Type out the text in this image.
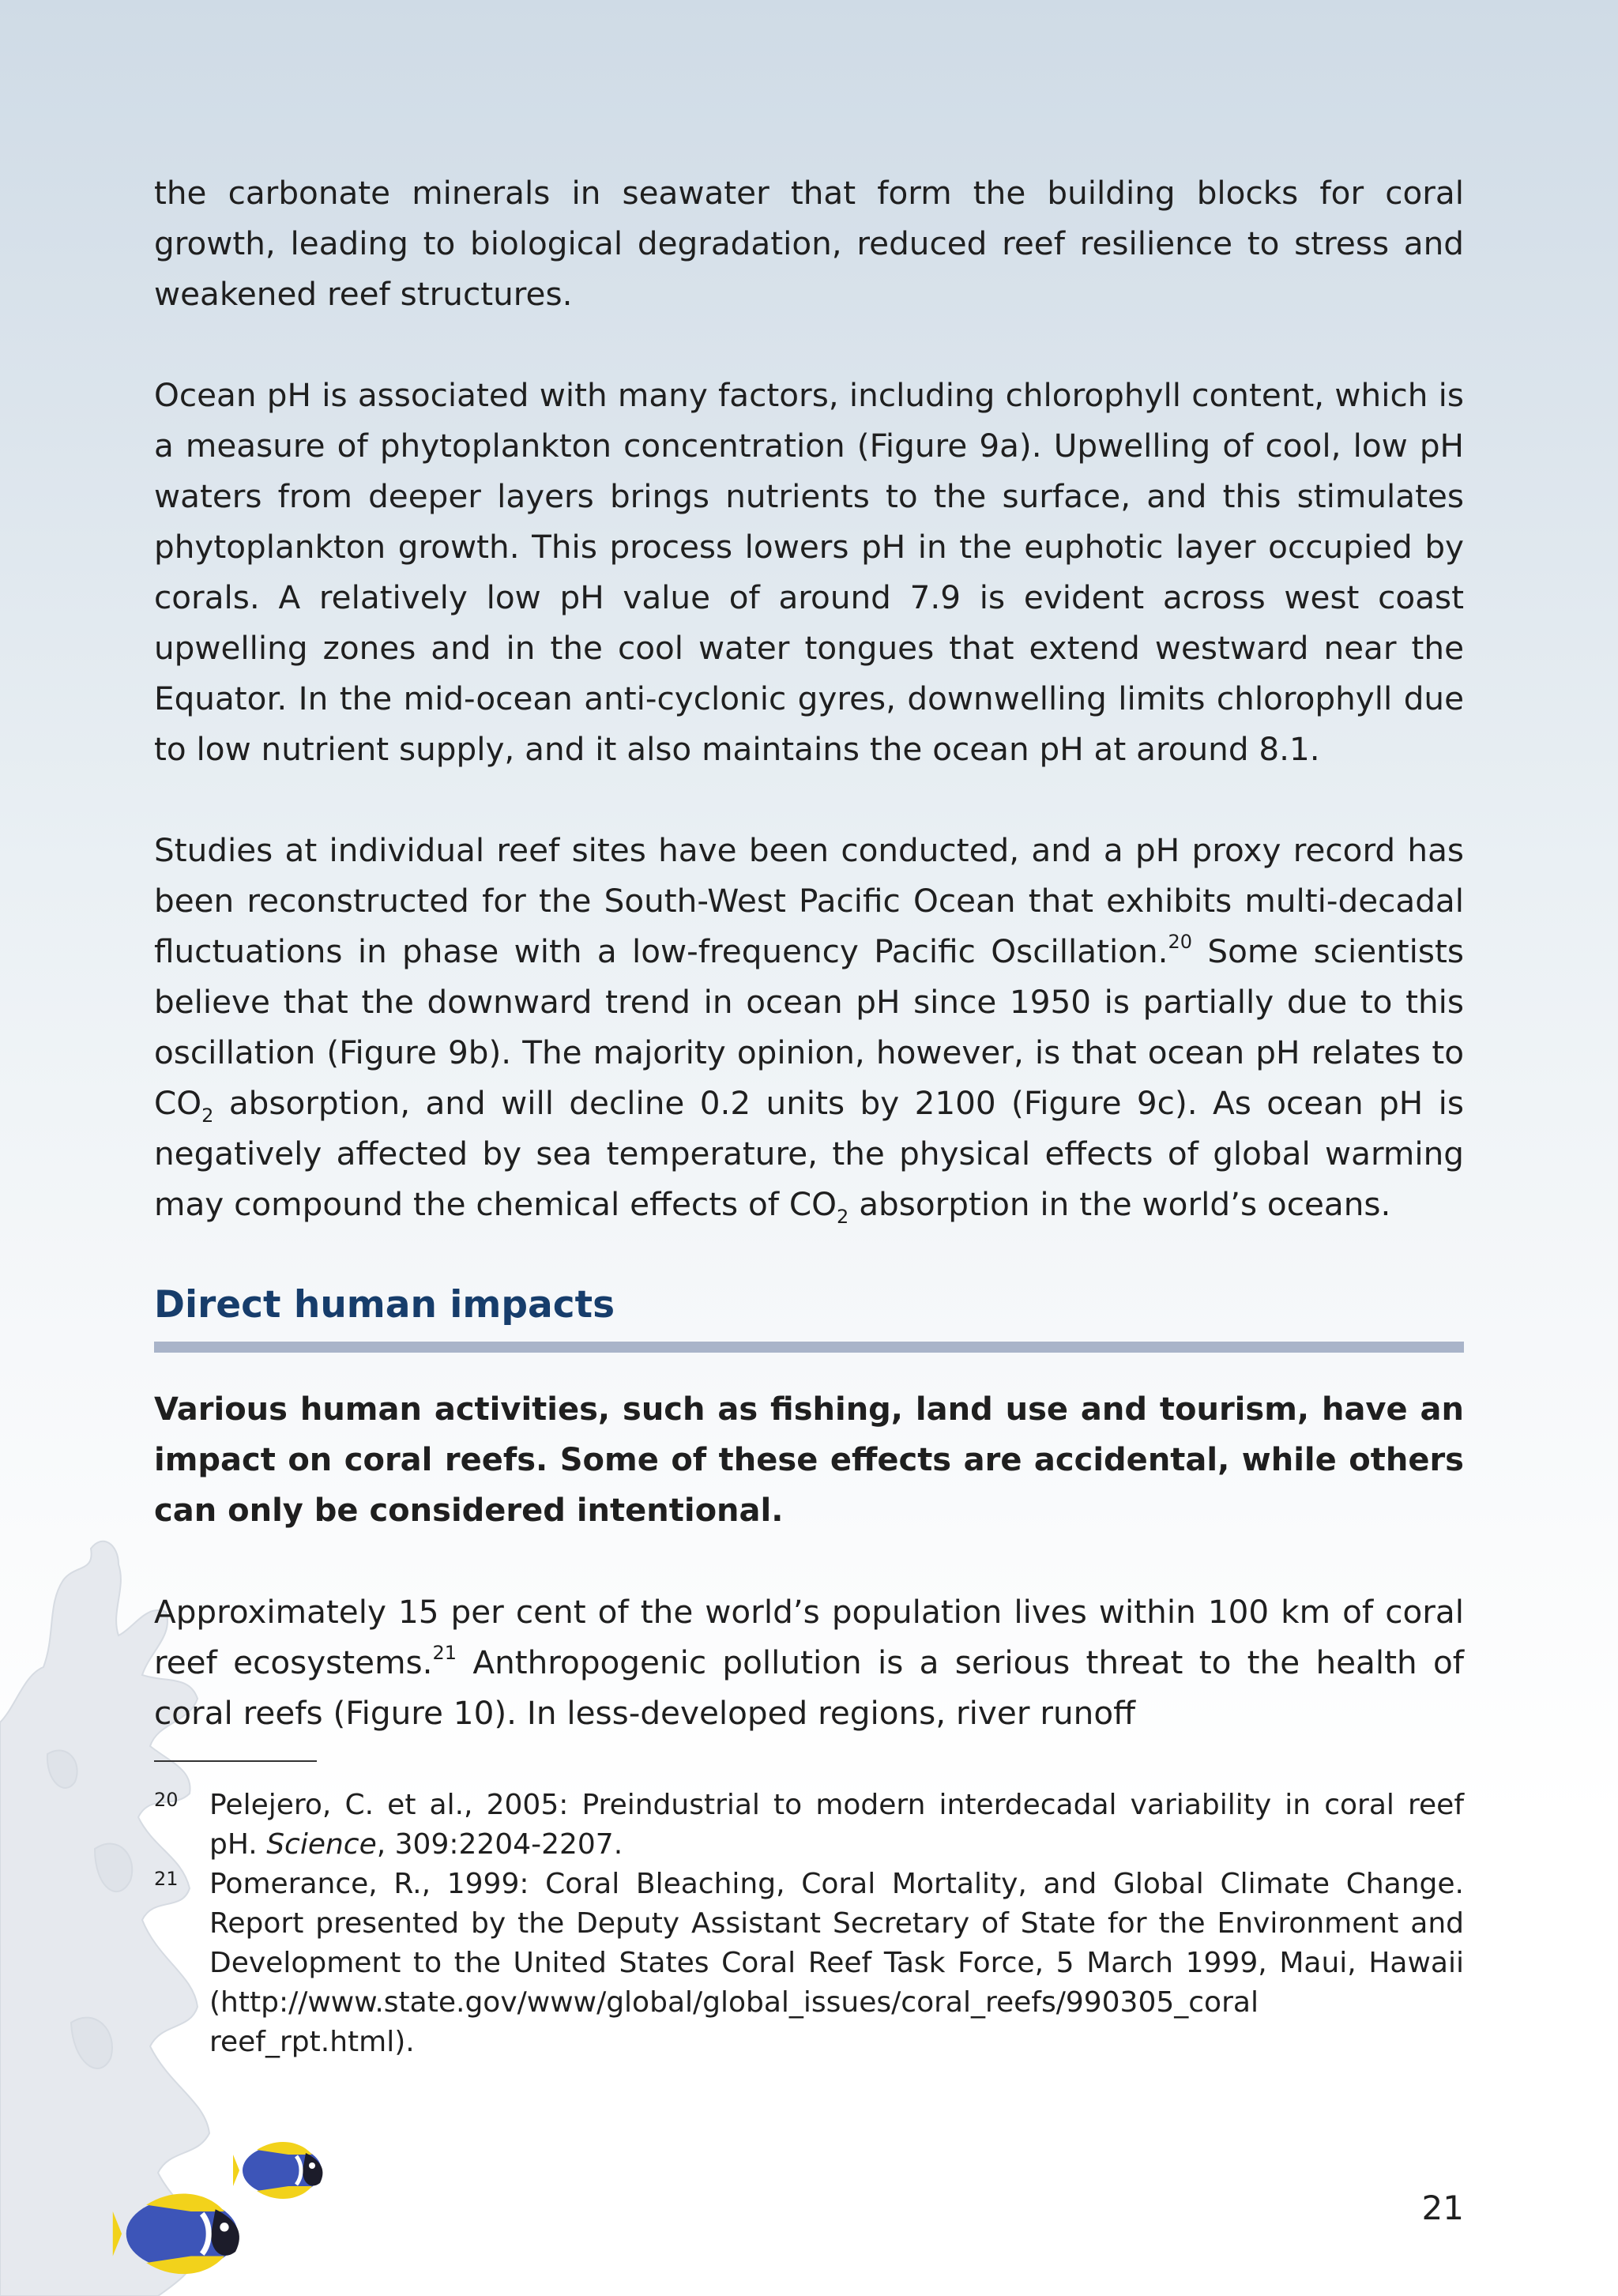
the carbonate minerals in seawater that form the building blocks for coral growth, leading to biological degradation, reduced reef resilience to stress and weakened reef structures.

Ocean pH is associated with many factors, including chlorophyll content, which is a measure of phytoplankton concentration (Figure 9a). Upwelling of cool, low pH waters from deeper layers brings nutrients to the surface, and this stimulates phytoplankton growth. This process lowers pH in the euphotic layer occupied by corals. A relatively low pH value of around 7.9 is evident across west coast upwelling zones and in the cool water tongues that extend westward near the Equator. In the mid-ocean anti-cyclonic gyres, downwelling limits chlorophyll due to low nutrient supply, and it also maintains the ocean pH at around 8.1.

Studies at individual reef sites have been conducted, and a pH proxy record has been reconstructed for the South-West Pacific Ocean that exhibits multi-decadal fluctuations in phase with a low-frequency Pacific Oscillation.$^{20}$ Some scientists believe that the downward trend in ocean pH since 1950 is partially due to this oscillation (Figure 9b). The majority opinion, however, is that ocean pH relates to $CO_2$ absorption, and will decline 0.2 units by 2100 (Figure 9c). As ocean pH is negatively affected by sea temperature, the physical effects of global warming may compound the chemical effects of $CO_2$ absorption in the world’s oceans.

Direct human impacts

Various human activities, such as fishing, land use and tourism, have an impact on coral reefs. Some of these effects are accidental, while others can only be considered intentional.

Approximately 15 per cent of the world’s population lives within 100 km of coral reef ecosystems.$^{21}$ Anthropogenic pollution is a serious threat to the health of coral reefs (Figure 10). In less-developed regions, river runoff

20	Pelejero, C. et al., 2005: Preindustrial to modern interdecadal variability in coral reef pH. Science, 309:2204-2207.
21	Pomerance, R., 1999: Coral Bleaching, Coral Mortality, and Global Climate Change. Report presented by the Deputy Assistant Secretary of State for the Environment and Development to the United States Coral Reef Task Force, 5 March 1999, Maui, Hawaii (http://www.state.gov/www/global/global_issues/coral_reefs/990305_coral reef_rpt.html).
21
